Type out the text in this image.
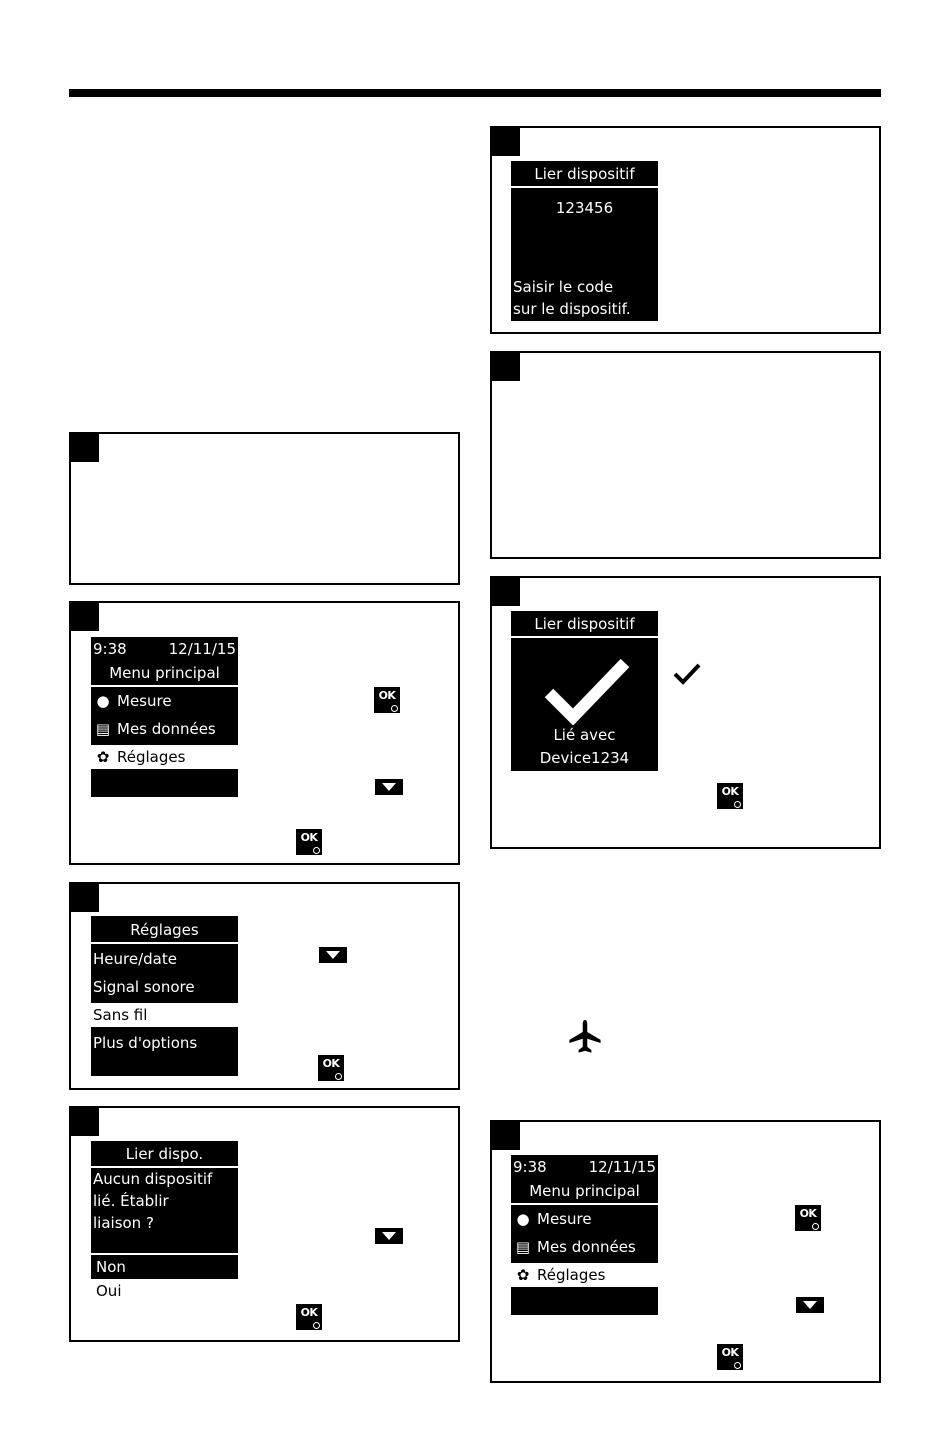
9:38	12/11/15
Menu principal
● Mesure
▤ Mes données
✿ Réglages
OK
OK
Réglages
Heure/date
Signal sonore
Sans fil
Plus d'options
OK
Lier dispo.
Aucun dispositif
lié. Établir
liaison ?
Non
Oui
OK
Lier dispositif
123456
Saisir le code
sur le dispositif.
Lier dispositif
Lié avec
Device1234
OK
9:38	12/11/15
Menu principal
● Mesure
▤ Mes données
✿ Réglages
OK
OK
